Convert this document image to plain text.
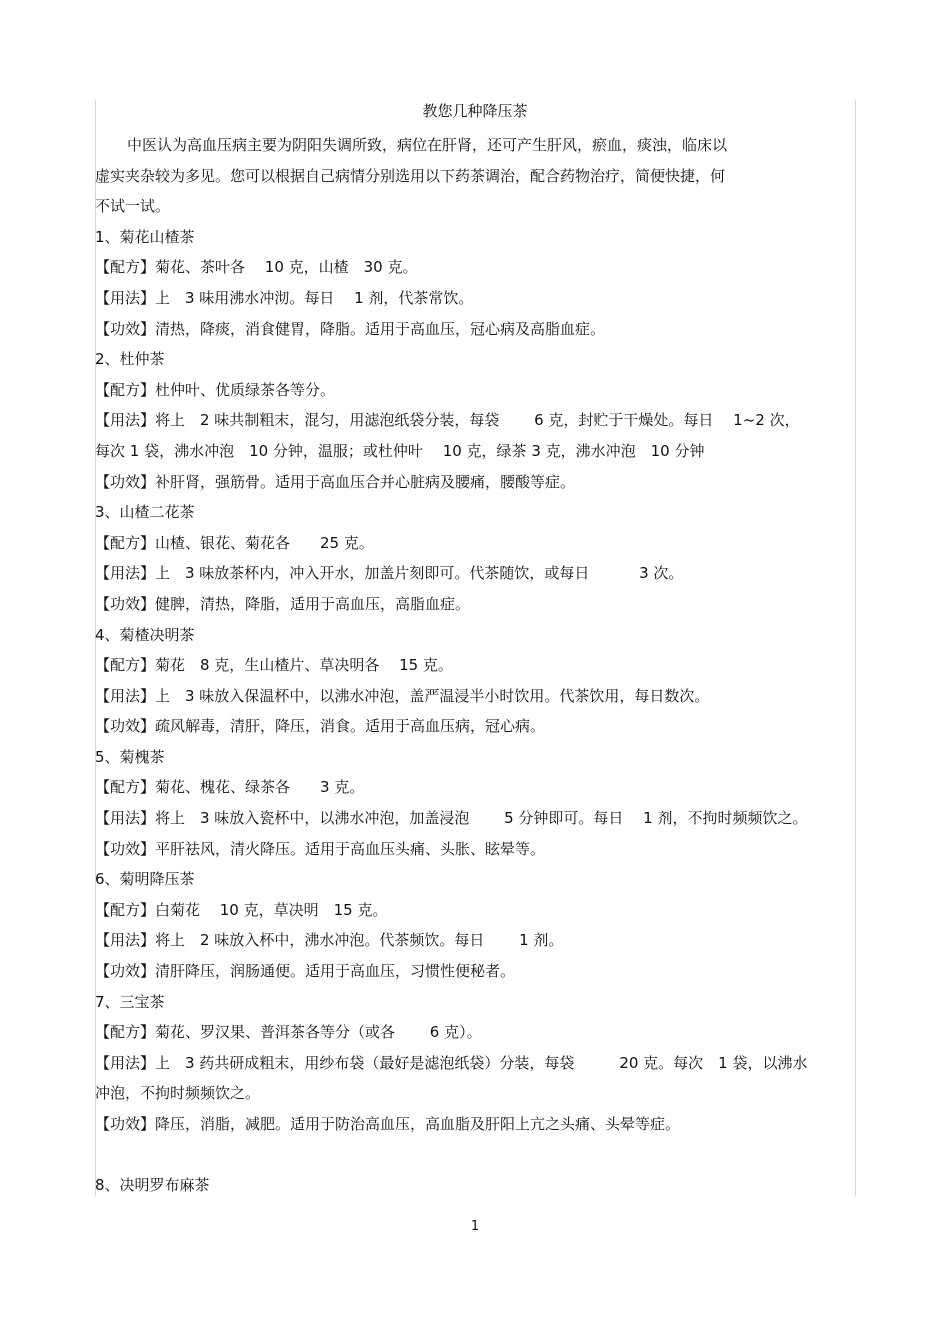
教您几种降压茶
中医认为高血压病主要为阴阳失调所致，病位在肝肾，还可产生肝风，瘀血，痰浊，临床以
虚实夹杂较为多见。您可以根据自己病情分别选用以下药茶调治，配合药物治疗，简便快捷，何
不试一试。
1、菊花山楂茶
【配方】菊花、茶叶各　 10 克，山楂　30 克。
【用法】上　3 味用沸水冲沏。每日　 1 剂，代茶常饮。
【功效】清热，降痰，消食健胃，降脂。适用于高血压，冠心病及高脂血症。
2、杜仲茶
【配方】杜仲叶、优质绿茶各等分。
【用法】将上　2 味共制粗末，混匀，用滤泡纸袋分装，每袋　　 6 克，封贮于干燥处。每日　 1~2 次，
每次 1 袋，沸水冲泡　10 分钟，温服；或杜仲叶　 10 克，绿茶 3 克，沸水冲泡　10 分钟
【功效】补肝肾，强筋骨。适用于高血压合并心脏病及腰痛，腰酸等症。
3、山楂二花茶
【配方】山楂、银花、菊花各　　25 克。
【用法】上　3 味放茶杯内，冲入开水，加盖片刻即可。代茶随饮，或每日　　　 3 次。
【功效】健脾，清热，降脂，适用于高血压，高脂血症。
4、菊楂决明茶
【配方】菊花　8 克，生山楂片、草决明各　 15 克。
【用法】上　3 味放入保温杯中，以沸水冲泡，盖严温浸半小时饮用。代茶饮用，每日数次。
【功效】疏风解毒，清肝，降压，消食。适用于高血压病，冠心病。
5、菊槐茶
【配方】菊花、槐花、绿茶各　　3 克。
【用法】将上　3 味放入瓷杯中，以沸水冲泡，加盖浸泡　　 5 分钟即可。每日　 1 剂，不拘时频频饮之。
【功效】平肝祛风，清火降压。适用于高血压头痛、头胀、眩晕等。
6、菊明降压茶
【配方】白菊花　 10 克，草决明　15 克。
【用法】将上　2 味放入杯中，沸水冲泡。代茶频饮。每日　　 1 剂。
【功效】清肝降压，润肠通便。适用于高血压，习惯性便秘者。
7、三宝茶
【配方】菊花、罗汉果、普洱茶各等分（或各　　 6 克）。
【用法】上　3 药共研成粗末，用纱布袋（最好是滤泡纸袋）分装，每袋　　　20 克。每次　1 袋，以沸水
冲泡，不拘时频频饮之。
【功效】降压，消脂，减肥。适用于防治高血压，高血脂及肝阳上亢之头痛、头晕等症。
8、决明罗布麻茶
1
